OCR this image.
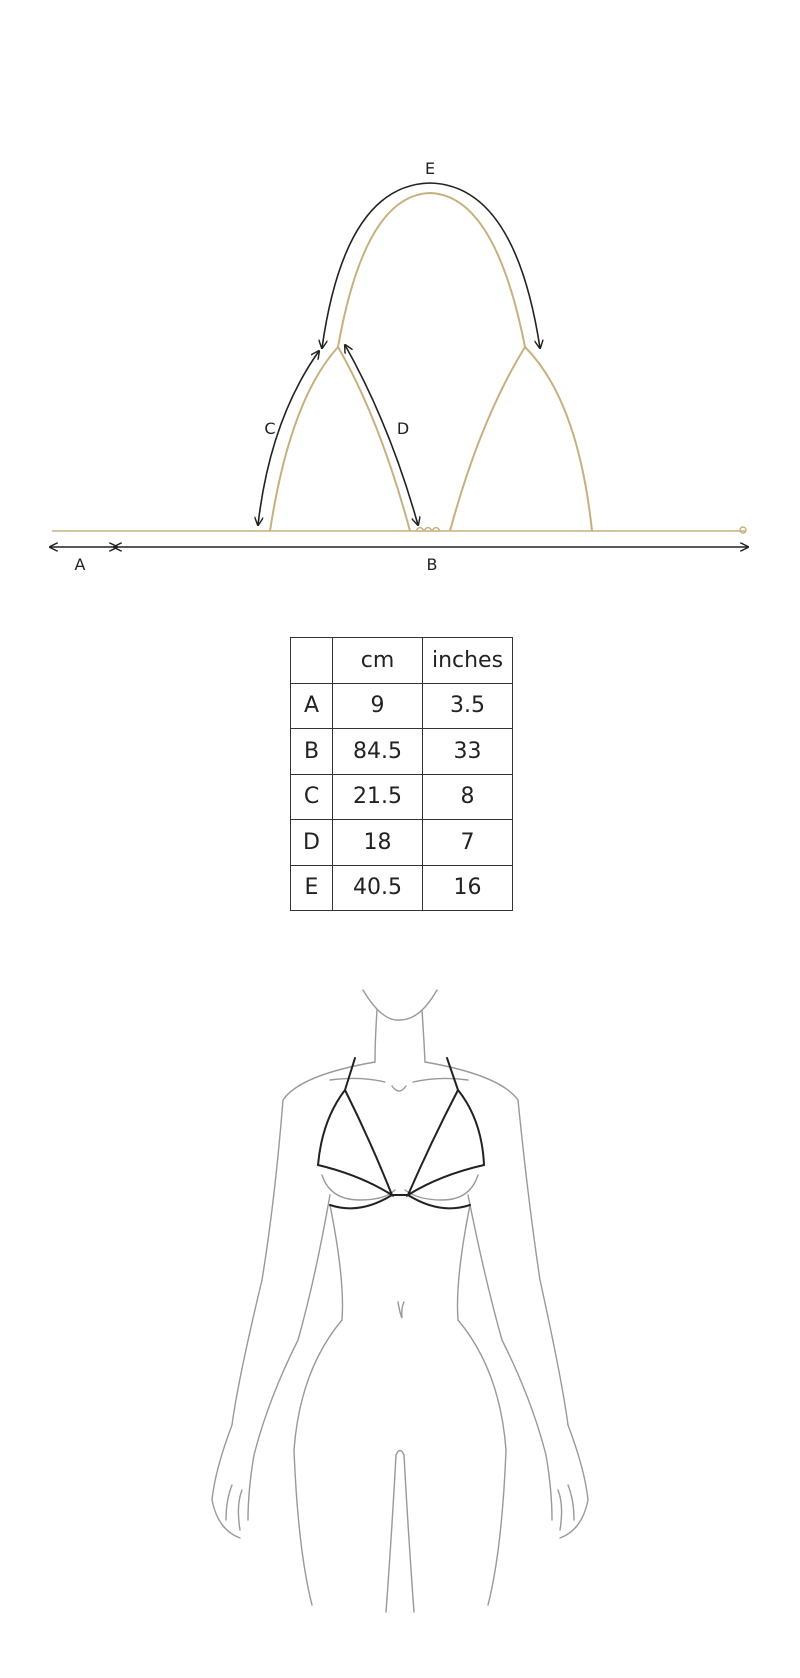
E
C	D
A	B
	cm	inches
A	9	3.5
B	84.5	33
C	21.5	8
D	18	7
E	40.5	16
